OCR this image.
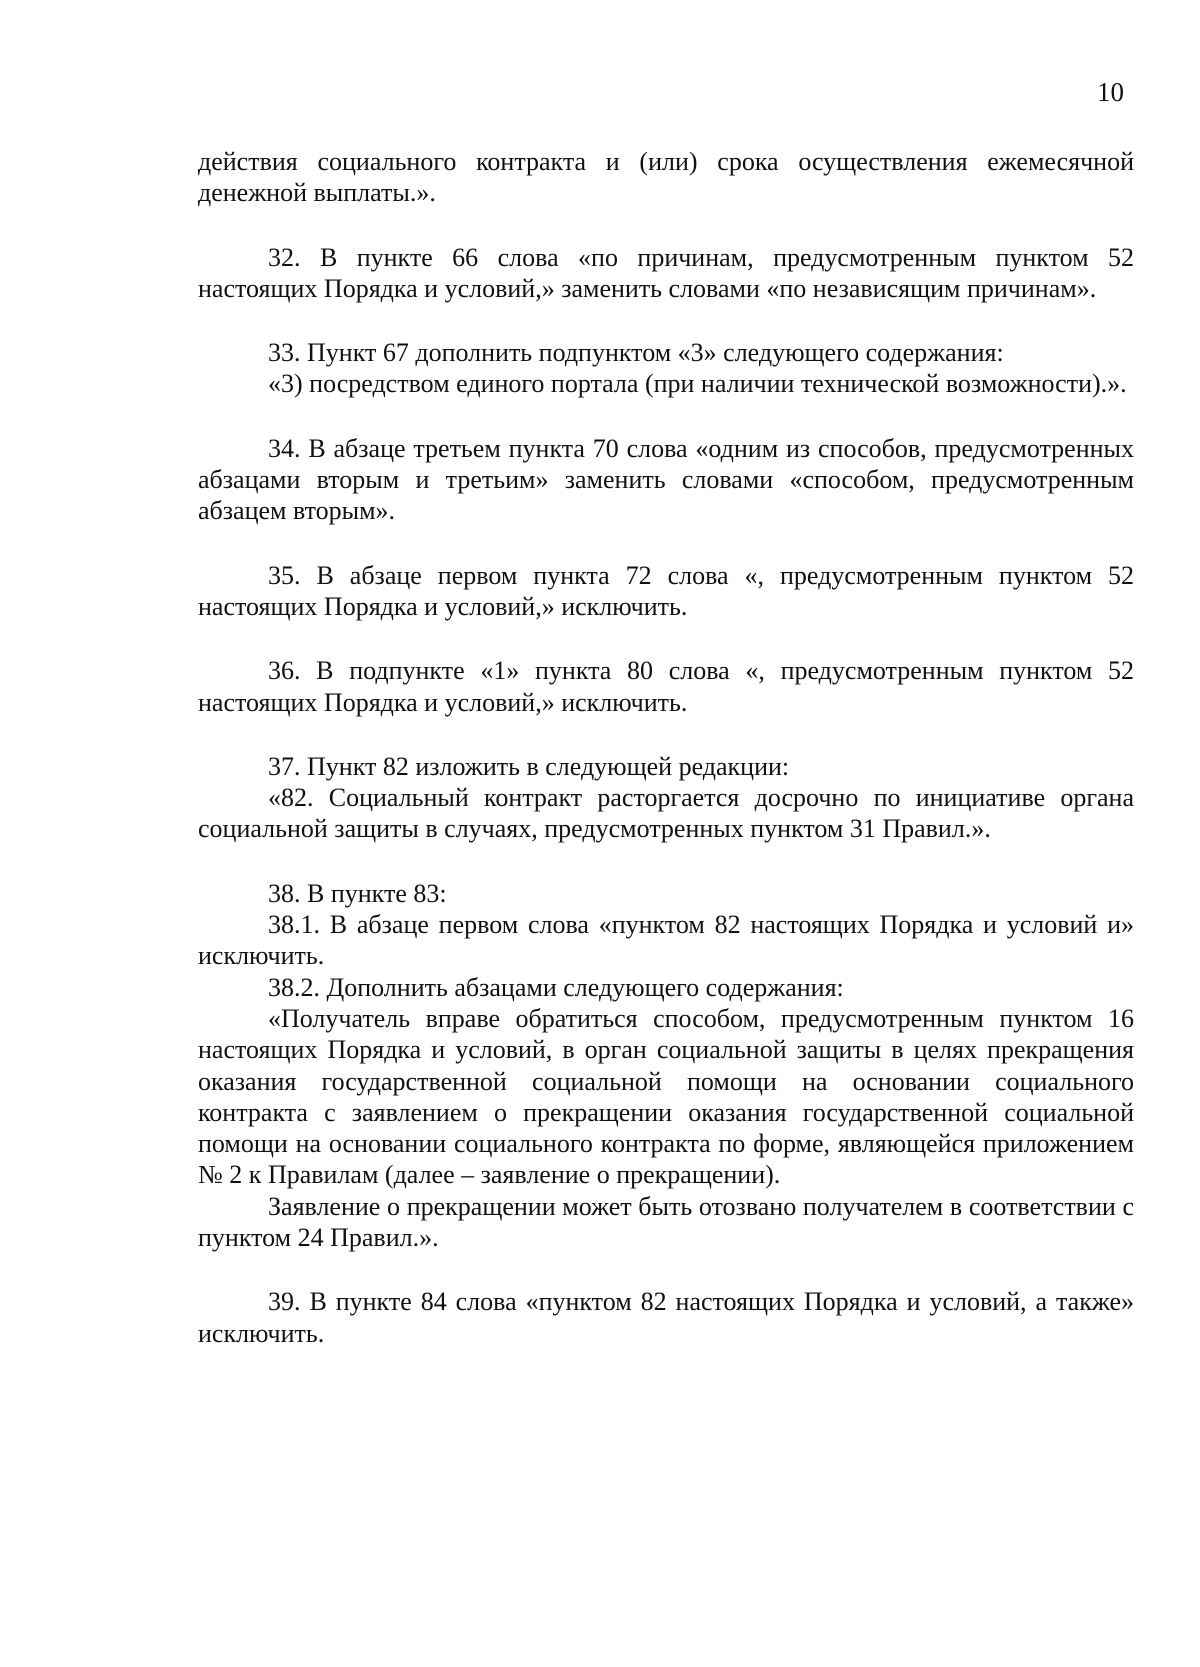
10

действия социального контракта и (или) срока осуществления ежемесячной денежной выплаты.».

32. В пункте 66 слова «по причинам, предусмотренным пунктом 52 настоящих Порядка и условий,» заменить словами «по независящим причинам».

33. Пункт 67 дополнить подпунктом «3» следующего содержания:

«3) посредством единого портала (при наличии технической возможности).».

34. В абзаце третьем пункта 70 слова «одним из способов, предусмотренных абзацами вторым и третьим» заменить словами «способом, предусмотренным абзацем вторым».

35. В абзаце первом пункта 72 слова «, предусмотренным пунктом 52 настоящих Порядка и условий,» исключить.

36. В подпункте «1» пункта 80 слова «, предусмотренным пунктом 52 настоящих Порядка и условий,» исключить.

37. Пункт 82 изложить в следующей редакции:

«82. Социальный контракт расторгается досрочно по инициативе органа социальной защиты в случаях, предусмотренных пунктом 31 Правил.».

38. В пункте 83:

38.1. В абзаце первом слова «пунктом 82 настоящих Порядка и условий и» исключить.

38.2. Дополнить абзацами следующего содержания:

«Получатель вправе обратиться способом, предусмотренным пунктом 16 настоящих Порядка и условий, в орган социальной защиты в целях прекращения оказания государственной социальной помощи на основании социального контракта с заявлением о прекращении оказания государственной социальной помощи на основании социального контракта по форме, являющейся приложением № 2 к Правилам (далее – заявление о прекращении).

Заявление о прекращении может быть отозвано получателем в соответствии с пунктом 24 Правил.».

39. В пункте 84 слова «пунктом 82 настоящих Порядка и условий, а также» исключить.
